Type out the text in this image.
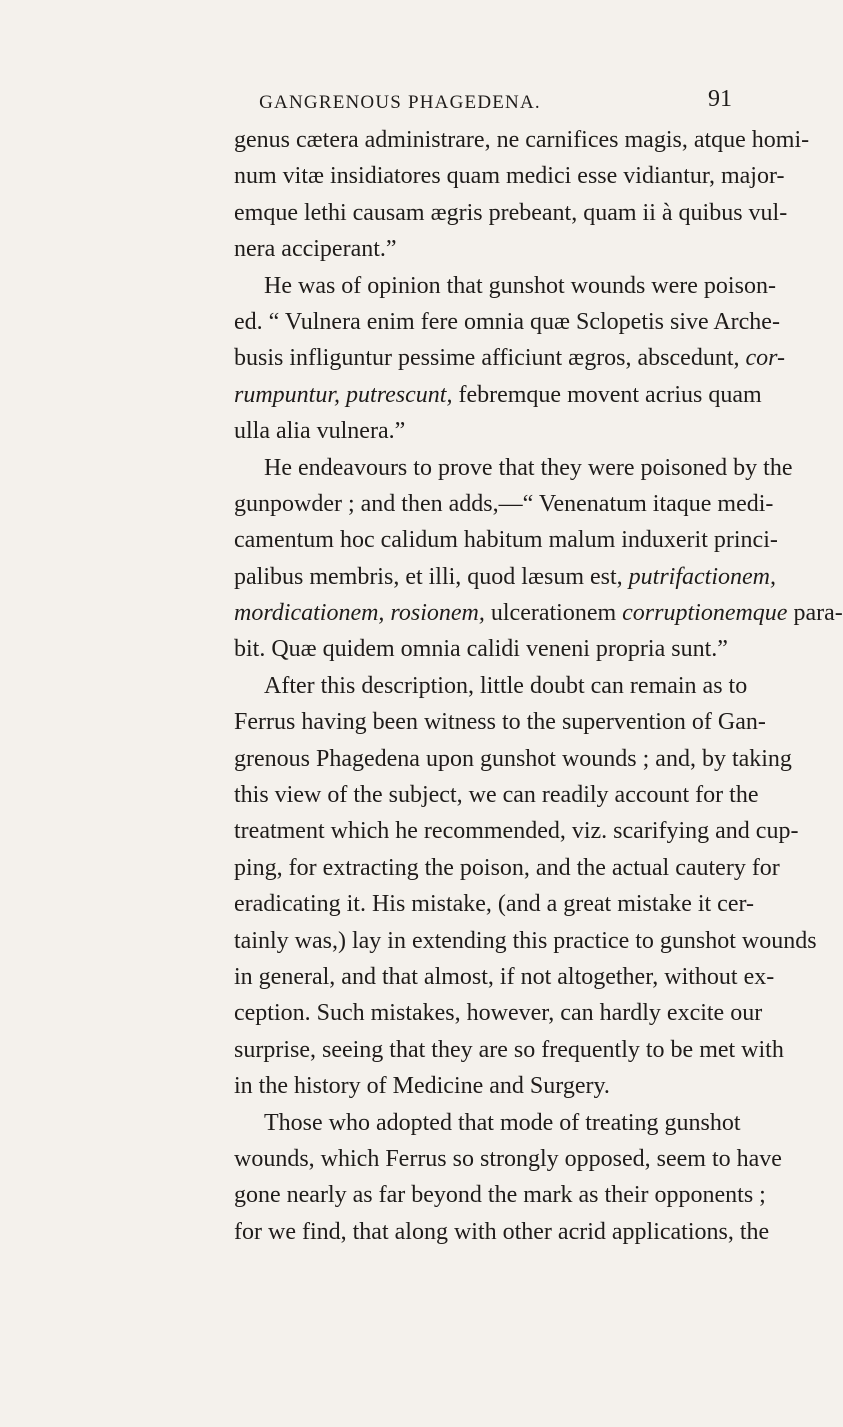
GANGRENOUS PHAGEDENA.	91
genus cætera administrare, ne carnifices magis, atque homi-
num vitæ insidiatores quam medici esse vidiantur, major-
emque lethi causam ægris prebeant, quam ii à quibus vul-
nera acciperant.”
He was of opinion that gunshot wounds were poison-
ed. “ Vulnera enim fere omnia quæ Sclopetis sive Arche-
busis infliguntur pessime afficiunt ægros, abscedunt, cor-
rumpuntur, putrescunt, febremque movent acrius quam
ulla alia vulnera.”
He endeavours to prove that they were poisoned by the
gunpowder ; and then adds,—“ Venenatum itaque medi-
camentum hoc calidum habitum malum induxerit princi-
palibus membris, et illi, quod læsum est, putrifactionem,
mordicationem, rosionem, ulcerationem corruptionemque para-
bit. Quæ quidem omnia calidi veneni propria sunt.”
After this description, little doubt can remain as to
Ferrus having been witness to the supervention of Gan-
grenous Phagedena upon gunshot wounds ; and, by taking
this view of the subject, we can readily account for the
treatment which he recommended, viz. scarifying and cup-
ping, for extracting the poison, and the actual cautery for
eradicating it. His mistake, (and a great mistake it cer-
tainly was,) lay in extending this practice to gunshot wounds
in general, and that almost, if not altogether, without ex-
ception. Such mistakes, however, can hardly excite our
surprise, seeing that they are so frequently to be met with
in the history of Medicine and Surgery.
Those who adopted that mode of treating gunshot
wounds, which Ferrus so strongly opposed, seem to have
gone nearly as far beyond the mark as their opponents ;
for we find, that along with other acrid applications, the
